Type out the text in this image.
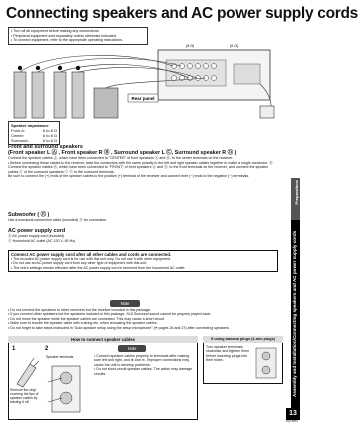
Connecting speakers and AC power supply cords
• Turn off all equipment before making any connections.
• Peripheral equipment sold separately unless otherwise indicated.
• To connect equipment, refer to the appropriate operating instructions.
Rear panel
(8 Ω)	(6 Ω)
Speaker impedance
Front A:	6 to 8 Ω
Center:	6 to 8 Ω
Surround:	6 to 8 Ω
Front and surround speakers
(Front speaker L Ⓐ , Front speaker R Ⓑ , Surround speaker L Ⓒ, Surround speaker R Ⓓ )
Connect the speaker cables Ⓐ, which have been connected to "CENTER" of front speakers Ⓐ and Ⓑ, to the center terminals on the receiver.
• Before connecting these cables to the receiver, twist the conductors with the same polarity in the left and right speaker cables together to make a single conductor. Ⓑ
Connect the speaker cables Ⓑ, which have been connected to "FRONT" of front speakers Ⓐ and Ⓑ, to the front terminals on the receiver, and connect the speaker cables Ⓒ of the surround speakers Ⓒ Ⓓ to the surround terminals.
Be sure to connect the (+) ends of the speaker cables to the positive (+) terminal of the receiver and connect their (−) ends to the negative (−) terminals.
Subwoofer ( Ⓔ )
Use a monaural connection cable (included) Ⓓ for connection.
AC power supply cord
Ⓔ AC power supply cord (included)
Ⓕ Household AC outlet (AC 120 V, 60 Hz)
Connect AC power supply cord after all other cables and cords are connected.
• The included AC power supply cord is for use with this unit only. Do not use it with other equipment.
• Do not use an AC power supply cord from any other type of equipment with this unit.
• The unit's settings remain effective after the AC power supply cord is removed from the household AC outlet.
Note
• Do not connect the speakers to other receivers but the receiver included in this package.
• If you connect other speakers but the speakers included in this package, SL5 Surround sound cannot be properly played back.
• Do not move the speaker while the speaker cables are connected. This may cause a short circuit.
• Make sure to bundle the speaker cable with a string etc. when relocating the speaker cables.
• Do not forget to take steps instructed in "Auto speaker setup using the setup microphone" (➡ pages 26 and 27) after connecting speakers.
How to connect speaker cables
1	2
Remove the vinyl covering the tips of speaker cables by twisting it off.
Speaker terminals
Note
• Connect speaker cables properly to terminals after making sure left and right, and ⊕ and ⊖. Improper connections may cause the unit to develop problems.
• Do not short-circuit speaker cables. The action may damage circuits.
If using banana plugs (4-mm plugs)
Turn speaker terminals clockwise and tighten them before inserting plugs into their holes.
Preparations
Assembly and Installation/Connecting speakers and AC power supply cords
13
RQT8854
